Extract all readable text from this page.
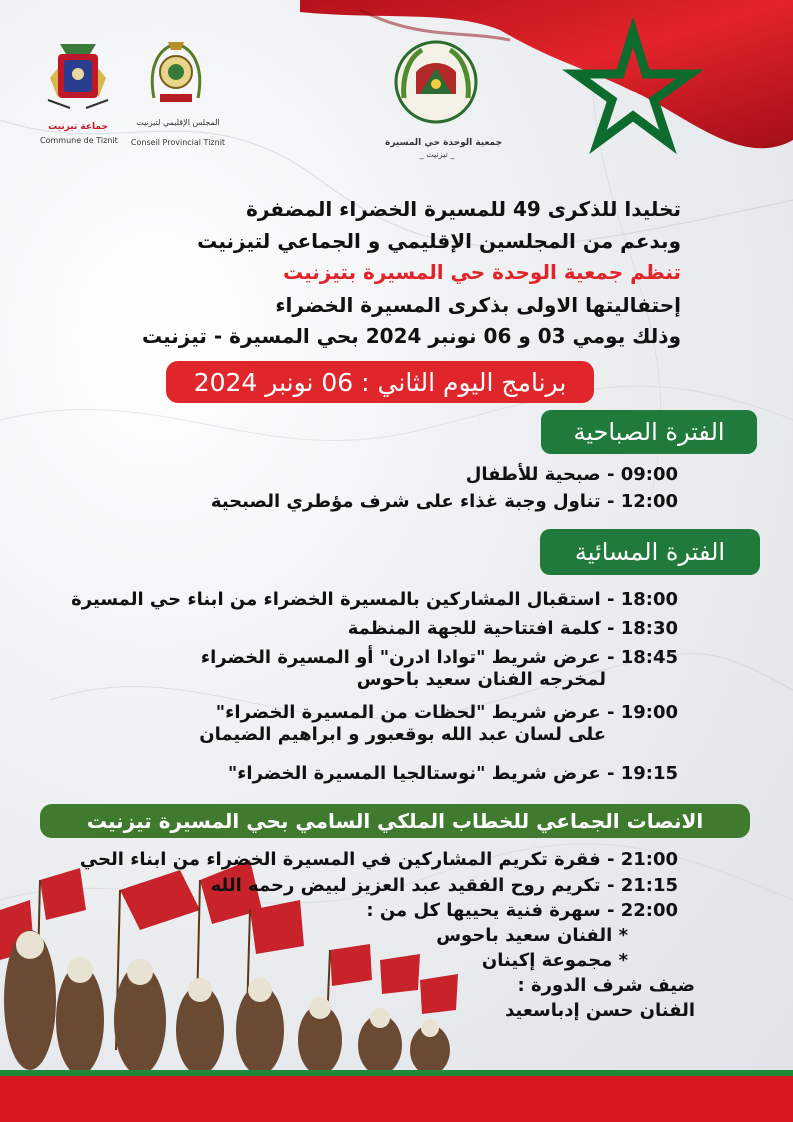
جماعة تيزنيت
Commune de Tiznit
المجلس الإقليمي لتيزنيت
Conseil Provincial Tiznit	جمعية الوحدة حي المسيرة
_ تيزنيت _
تخليدا للذكرى 49 للمسيرة الخضراء المضفرة
وبدعم من المجلسين الإقليمي و الجماعي لتيزنيت
تنظم جمعية الوحدة حي المسيرة بتيزنيت
إحتفاليتها الاولى بذكرى المسيرة الخضراء
وذلك يومي 03 و 06 نونبر 2024 بحي المسيرة - تيزنيت
برنامج اليوم الثاني : 06 نونبر 2024
الفترة الصباحية
09:00 - صبحية للأطفال
12:00 - تناول وجبة غذاء على شرف مؤطري الصبحية
الفترة المسائية
18:00 - استقبال المشاركين بالمسيرة الخضراء من ابناء حي المسيرة
18:30 - كلمة افتتاحية للجهة المنظمة
18:45 - عرض شريط "توادا ادرن" أو المسيرة الخضراء
لمخرجه الفنان سعيد باحوس
19:00 - عرض شريط "لحظات من المسيرة الخضراء"
على لسان عبد الله بوقعبور و ابراهيم الضيمان
19:15 - عرض شريط "نوستالجيا المسيرة الخضراء"
الانصات الجماعي للخطاب الملكي السامي بحي المسيرة تيزنيت
21:00 - فقرة تكريم المشاركين في المسيرة الخضراء من ابناء الحي
21:15 - تكريم روح الفقيد عبد العزيز لبيض رحمه الله
22:00 - سهرة فنية يحييها كل من :
* الفنان سعيد باحوس
* مجموعة إكينان
ضيف شرف الدورة :
الفنان حسن إدباسعيد
